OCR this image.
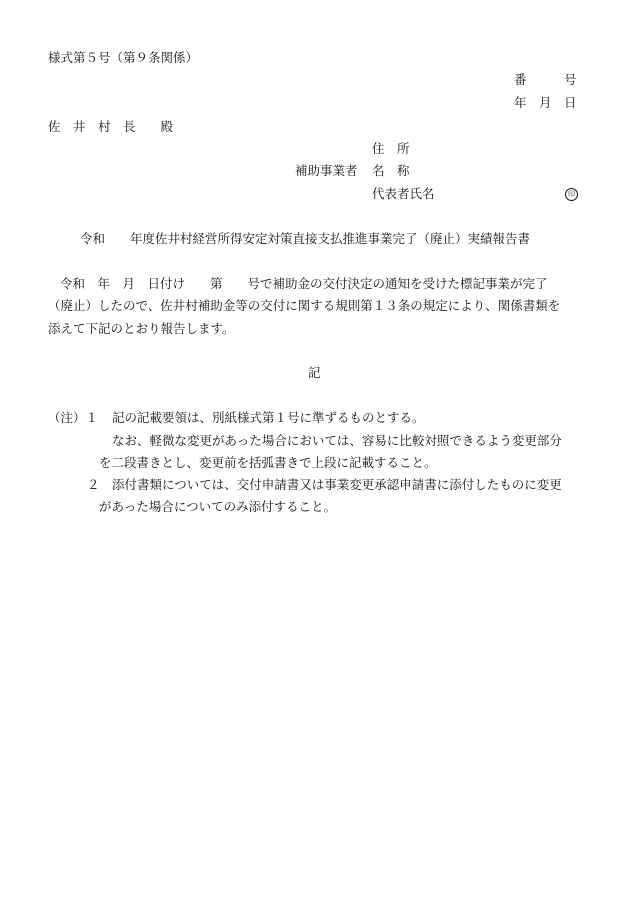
様式第５号（第９条関係）
番　　　号
年　月　日
佐　井　村　長　　殿
住　所
補助事業者 名　称
代表者氏名	印
令和　　年度佐井村経営所得安定対策直接支払推進事業完了（廃止）実績報告書
令和　年　月　日付け　　第　　号で補助金の交付決定の通知を受けた標記事業が完了
（廃止）したので、佐井村補助金等の交付に関する規則第１３条の規定により、関係書類を
添えて下記のとおり報告します。
記
（注）１ 記の記載要領は、別紙様式第１号に準ずるものとする。
なお、軽微な変更があった場合においては、容易に比較対照できるよう変更部分
を二段書きとし、変更前を括弧書きで上段に記載すること。
２ 添付書類については、交付申請書又は事業変更承認申請書に添付したものに変更
があった場合についてのみ添付すること。
